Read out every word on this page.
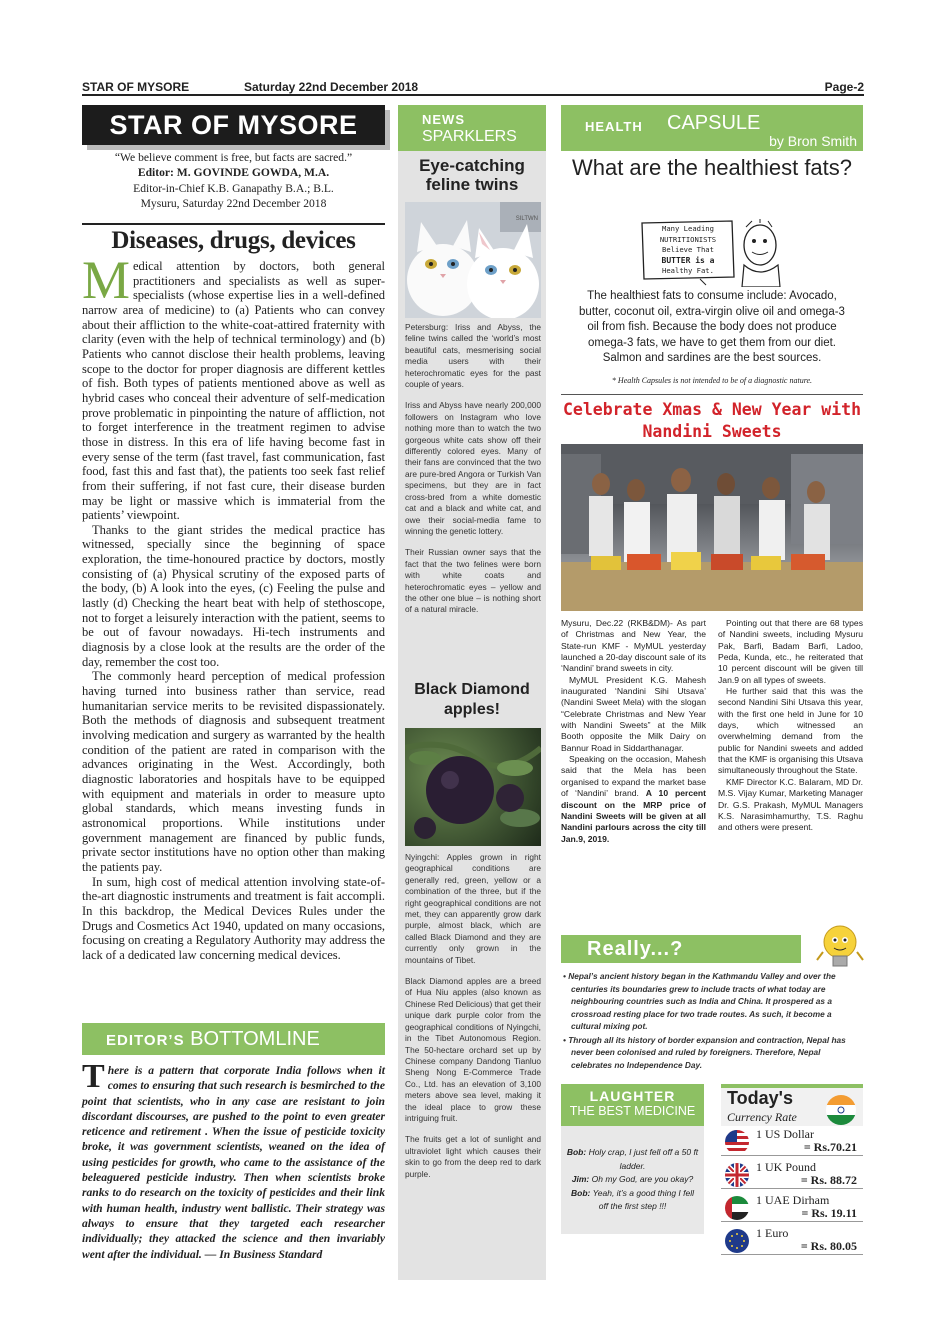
STAR OF MYSORE	Saturday 22nd December 2018	Page-2
STAR OF MYSORE
“We believe comment is free, but facts are sacred.”
Editor: M. GOVINDE GOWDA, M.A.
Editor-in-Chief K.B. Ganapathy B.A.; B.L.
Mysuru, Saturday 22nd December 2018
Diseases, drugs, devices

Medical attention by doctors, both general practitioners and specialists as well as super-specialists (whose expertise lies in a well-defined narrow area of medicine) to (a) Patients who can convey about their affliction to the white-coat-attired fraternity with clarity (even with the help of technical terminology) and (b) Patients who cannot disclose their health problems, leaving scope to the doctor for proper diagnosis are different kettles of fish. Both types of patients mentioned above as well as hybrid cases who conceal their adventure of self-medication prove problematic in pinpointing the nature of affliction, not to forget interference in the treatment regimen to advise those in distress. In this era of life having become fast in every sense of the term (fast travel, fast communication, fast food, fast this and fast that), the patients too seek fast relief from their suffering, if not fast cure, their disease burden may be light or massive which is immaterial from the patients’ viewpoint.

Thanks to the giant strides the medical practice has witnessed, specially since the beginning of space exploration, the time-honoured practice by doctors, mostly consisting of (a) Physical scrutiny of the exposed parts of the body, (b) A look into the eyes, (c) Feeling the pulse and lastly (d) Checking the heart beat with help of stethoscope, not to forget a leisurely interaction with the patient, seems to be out of favour nowadays. Hi-tech instruments and diagnosis by a close look at the results are the order of the day, remember the cost too.

The commonly heard perception of medical profession having turned into business rather than service, read humanitarian service merits to be revisited dispassionately. Both the methods of diagnosis and subsequent treatment involving medication and surgery as warranted by the health condition of the patient are rated in comparison with the advances originating in the West. Accordingly, both diagnostic laboratories and hospitals have to be equipped with equipment and materials in order to measure upto global standards, which means investing funds in astronomical proportions. While institutions under government management are financed by public funds, private sector institutions have no option other than making the patients pay.

In sum, high cost of medical attention involving state-of-the-art diagnostic instruments and treatment is fait accompli. In this backdrop, the Medical Devices Rules under the Drugs and Cosmetics Act 1940, updated on many occasions, focusing on creating a Regulatory Authority may address the lack of a dedicated law concerning medical devices.

EDITOR’S BOTTOMLINE
There is a pattern that corporate India follows when it comes to ensuring that such research is besmirched to the point that scientists, who in any case are resistant to join discordant discourses, are pushed to the point to even greater reticence and retirement . When the issue of pesticide toxicity broke, it was government scientists, weaned on the idea of using pesticides for growth, who came to the assistance of the beleaguered pesticide industry. Then when scientists broke ranks to do research on the toxicity of pesticides and their link with human health, industry went ballistic. Their strategy was always to ensure that they targeted each researcher individually; they attacked the science and then invariably went after the individual. — In Business Standard
NEWS
SPARKLERS
Eye-catching feline twins
SILTWN

Petersburg: Iriss and Abyss, the feline twins called the ‘world’s most beautiful cats, mesmerising social media users with their heterochromatic eyes for the past couple of years.

Iriss and Abyss have nearly 200,000 followers on Instagram who love nothing more than to watch the two gorgeous white cats show off their differently colored eyes. Many of their fans are convinced that the two are pure-bred Angora or Turkish Van specimens, but they are in fact cross-bred from a white domestic cat and a black and white cat, and owe their social-media fame to winning the genetic lottery.

Their Russian owner says that the fact that the two felines were born with white coats and heterochromatic eyes – yellow and the other one blue – is nothing short of a natural miracle.

Black Diamond apples!

Nyingchi: Apples grown in right geographical conditions are generally red, green, yellow or a combination of the three, but if the right geographical conditions are not met, they can apparently grow dark purple, almost black, which are called Black Diamond and they are currently only grown in the mountains of Tibet.

Black Diamond apples are a breed of Hua Niu apples (also known as Chinese Red Delicious) that get their unique dark purple color from the geographical conditions of Nyingchi, in the Tibet Autonomous Region. The 50-hectare orchard set up by Chinese company Dandong Tianluo Sheng Nong E-Commerce Trade Co., Ltd. has an elevation of 3,100 meters above sea level, making it the ideal place to grow these intriguing fruit.

The fruits get a lot of sunlight and ultraviolet light which causes their skin to go from the deep red to dark purple.

HEALTH CAPSULE
by Bron Smith
What are the healthiest fats?
Many Leading
NUTRITIONISTS
Believe That
BUTTER is a
Healthy Fat.
The healthiest fats to consume include: Avocado, butter, coconut oil, extra-virgin olive oil and omega-3 oil from fish. Because the body does not produce omega-3 fats, we have to get them from our diet. Salmon and sardines are the best sources.
* Health Capsules is not intended to be of a diagnostic nature.
Celebrate Xmas & New Year with Nandini Sweets

Mysuru, Dec.22 (RKB&DM)- As part of Christmas and New Year, the State-run KMF - MyMUL yesterday launched a 20-day discount sale of its ‘Nandini’ brand sweets in city.

MyMUL President K.G. Mahesh inaugurated ‘Nandini Sihi Utsava’ (Nandini Sweet Mela) with the slogan “Celebrate Christmas and New Year with Nandini Sweets” at the Milk Booth opposite the Milk Dairy on Bannur Road in Siddarthanagar.

Speaking on the occasion, Mahesh said that the Mela has been organised to expand the market base of ‘Nandini’ brand. A 10 percent discount on the MRP price of Nandini Sweets will be given at all Nandini parlours across the city till Jan.9, 2019.

Pointing out that there are 68 types of Nandini sweets, including Mysuru Pak, Barfi, Badam Barfi, Ladoo, Peda, Kunda, etc., he reiterated that 10 percent discount will be given till Jan.9 on all types of sweets.

He further said that this was the second Nandini Sihi Utsava this year, with the first one held in June for 10 days, which witnessed an overwhelming demand from the public for Nandini sweets and added that the KMF is organising this Utsava simultaneously throughout the State.

KMF Director K.C. Balaram, MD Dr. M.S. Vijay Kumar, Marketing Manager Dr. G.S. Prakash, MyMUL Managers K.S. Narasimhamurthy, T.S. Raghu and others were present.

Really...?
• Nepal’s ancient history began in the Kathmandu Valley and over the centuries its boundaries grew to include tracts of what today are neighbouring countries such as India and China. It prospered as a crossroad resting place for two trade routes. As such, it become a cultural mixing pot.
• Through all its history of border expansion and contraction, Nepal has never been colonised and ruled by foreigners. Therefore, Nepal celebrates no Independence Day.
LAUGHTER
THE BEST MEDICINE
Bob: Holy crap, I just fell off a 50 ft ladder.
Jim: Oh my God, are you okay?
Bob: Yeah, it’s a good thing I fell off the first step !!!
Today's
Currency Rate
1 US Dollar
= Rs.70.21
1 UK Pound
= Rs. 88.72
1 UAE Dirham
= Rs. 19.11
1 Euro
= Rs. 80.05
